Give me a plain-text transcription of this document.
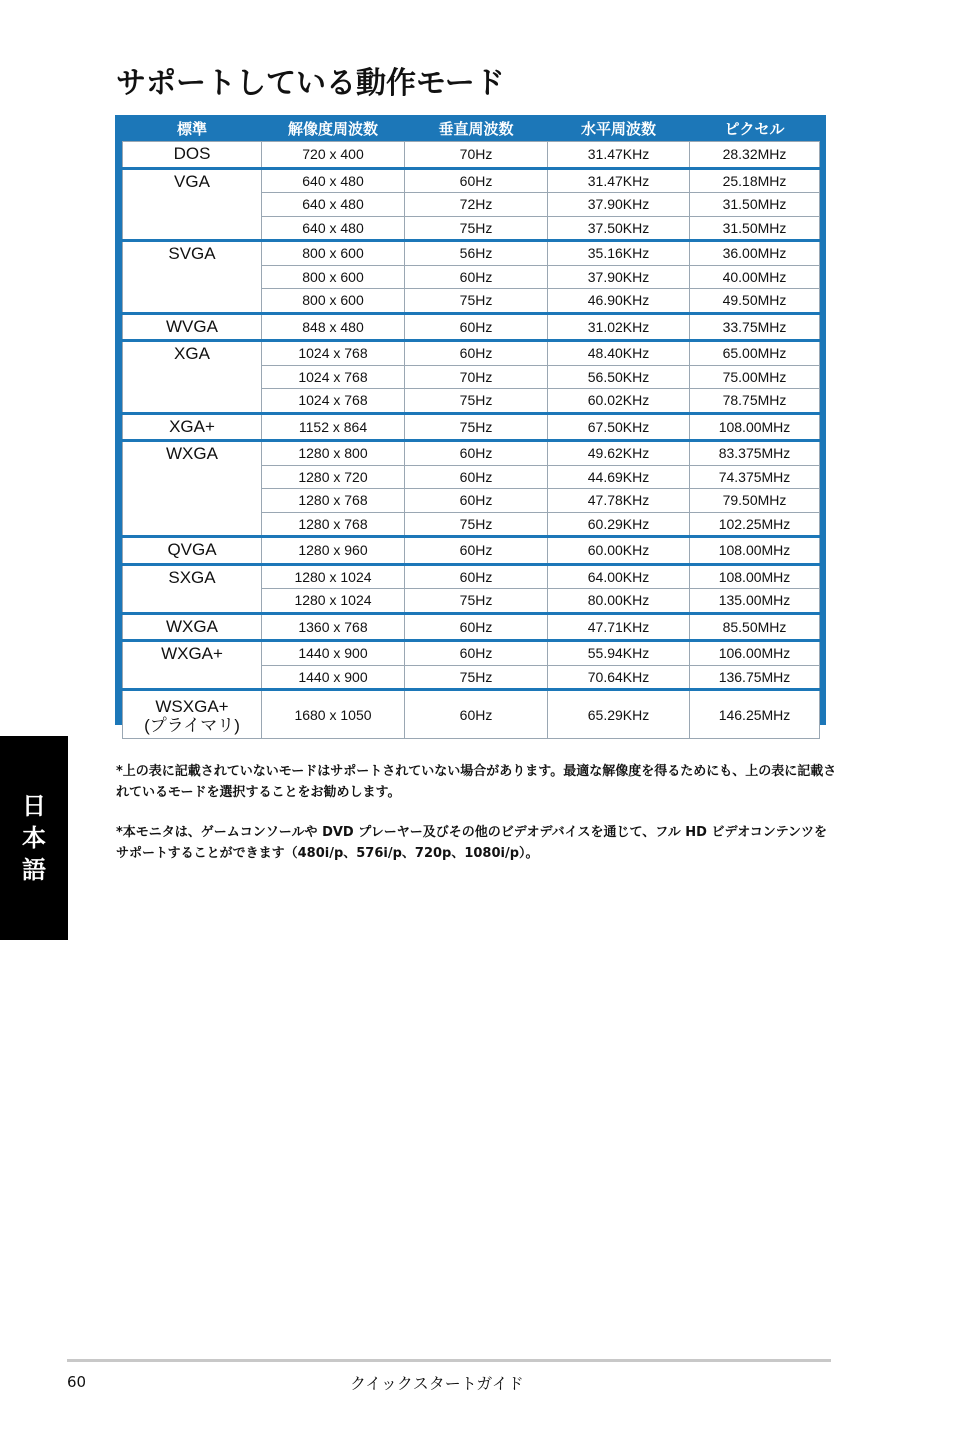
サポートしている動作モード
標準	解像度周波数	垂直周波数	水平周波数	ピクセル

DOS	720 x 400	70Hz	31.47KHz	28.32MHz

VGA	640 x 480	60Hz	31.47KHz	25.18MHz
	640 x 480	72Hz	37.90KHz	31.50MHz
	640 x 480	75Hz	37.50KHz	31.50MHz

SVGA	800 x 600	56Hz	35.16KHz	36.00MHz
	800 x 600	60Hz	37.90KHz	40.00MHz
	800 x 600	75Hz	46.90KHz	49.50MHz

WVGA	848 x 480	60Hz	31.02KHz	33.75MHz

XGA	1024 x 768	60Hz	48.40KHz	65.00MHz
	1024 x 768	70Hz	56.50KHz	75.00MHz
	1024 x 768	75Hz	60.02KHz	78.75MHz

XGA+	1152 x 864	75Hz	67.50KHz	108.00MHz

WXGA	1280 x 800	60Hz	49.62KHz	83.375MHz
	1280 x 720	60Hz	44.69KHz	74.375MHz
	1280 x 768	60Hz	47.78KHz	79.50MHz
	1280 x 768	75Hz	60.29KHz	102.25MHz

QVGA	1280 x 960	60Hz	60.00KHz	108.00MHz

SXGA	1280 x 1024	60Hz	64.00KHz	108.00MHz
	1280 x 1024	75Hz	80.00KHz	135.00MHz

WXGA	1360 x 768	60Hz	47.71KHz	85.50MHz

WXGA+	1440 x 900	60Hz	55.94KHz	106.00MHz
	1440 x 900	75Hz	70.64KHz	136.75MHz

WSXGA+
(プライマリ)	1680 x 1050	60Hz	65.29KHz	146.25MHz
日
本
語

*上の表に記載されていないモードはサポートされていない場合があります。最適な解像度を得るためにも、上の表に記載されているモードを選択することをお勧めします。

*本モニタは、ゲームコンソールや DVD プレーヤー及びその他のビデオデバイスを通じて、フル HD ビデオコンテンツをサポートすることができます（480i/p、576i/p、720p、1080i/p）。

60	クイックスタートガイド
